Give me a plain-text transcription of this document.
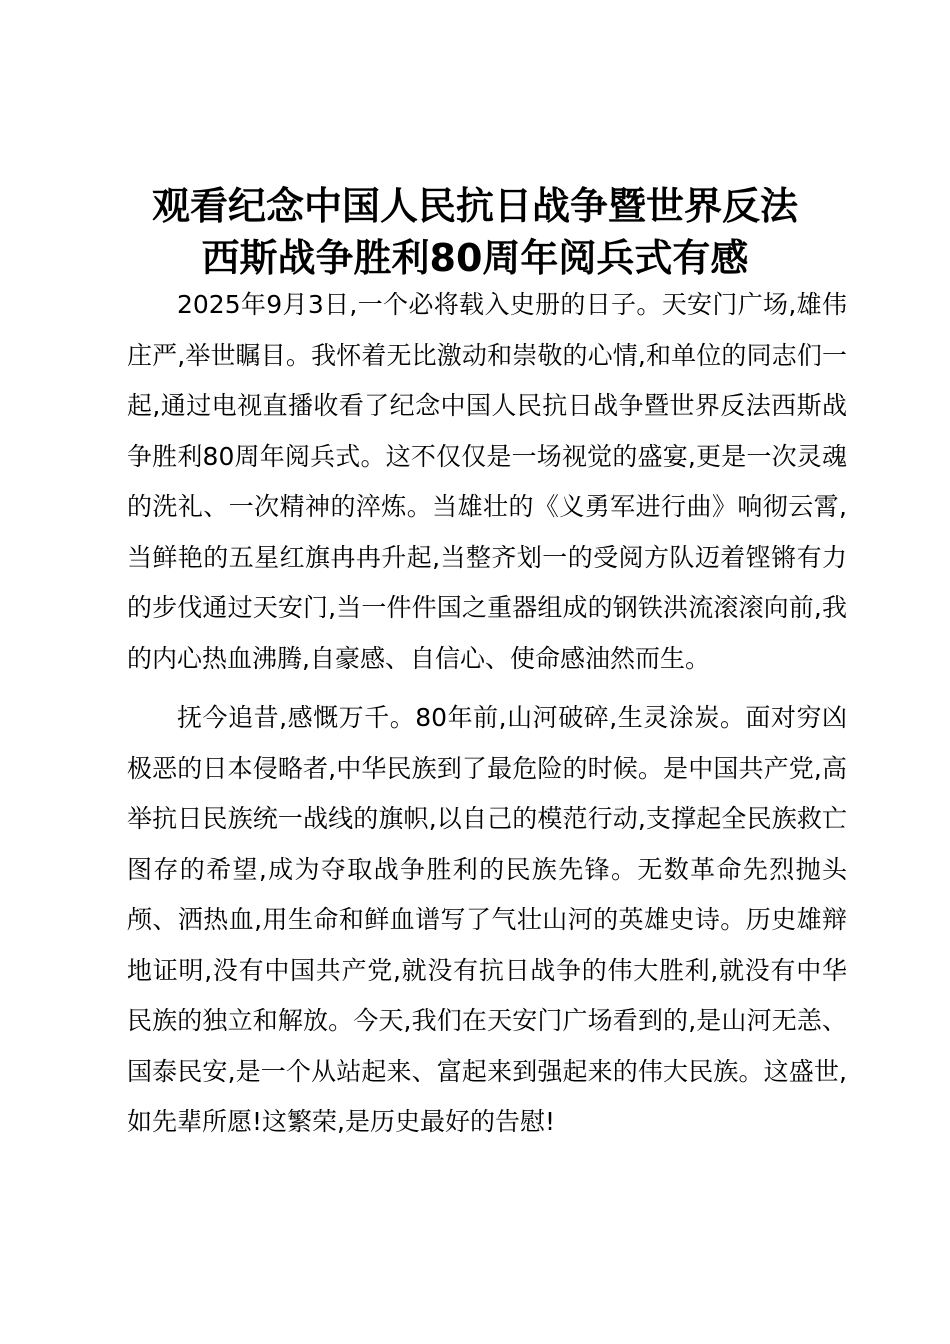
观看纪念中国人民抗日战争暨世界反法
西斯战争胜利80周年阅兵式有感

2025年9月3日,一个必将载入史册的日子。天安门广场,雄伟庄严,举世瞩目。我怀着无比激动和崇敬的心情,和单位的同志们一起,通过电视直播收看了纪念中国人民抗日战争暨世界反法西斯战争胜利80周年阅兵式。这不仅仅是一场视觉的盛宴,更是一次灵魂的洗礼、一次精神的淬炼。当雄壮的《义勇军进行曲》响彻云霄,当鲜艳的五星红旗冉冉升起,当整齐划一的受阅方队迈着铿锵有力的步伐通过天安门,当一件件国之重器组成的钢铁洪流滚滚向前,我的内心热血沸腾,自豪感、自信心、使命感油然而生。

抚今追昔,感慨万千。80年前,山河破碎,生灵涂炭。面对穷凶极恶的日本侵略者,中华民族到了最危险的时候。是中国共产党,高举抗日民族统一战线的旗帜,以自己的模范行动,支撑起全民族救亡图存的希望,成为夺取战争胜利的民族先锋。无数革命先烈抛头颅、洒热血,用生命和鲜血谱写了气壮山河的英雄史诗。历史雄辩地证明,没有中国共产党,就没有抗日战争的伟大胜利,就没有中华民族的独立和解放。今天,我们在天安门广场看到的,是山河无恙、国泰民安,是一个从站起来、富起来到强起来的伟大民族。这盛世,如先辈所愿!这繁荣,是历史最好的告慰!
